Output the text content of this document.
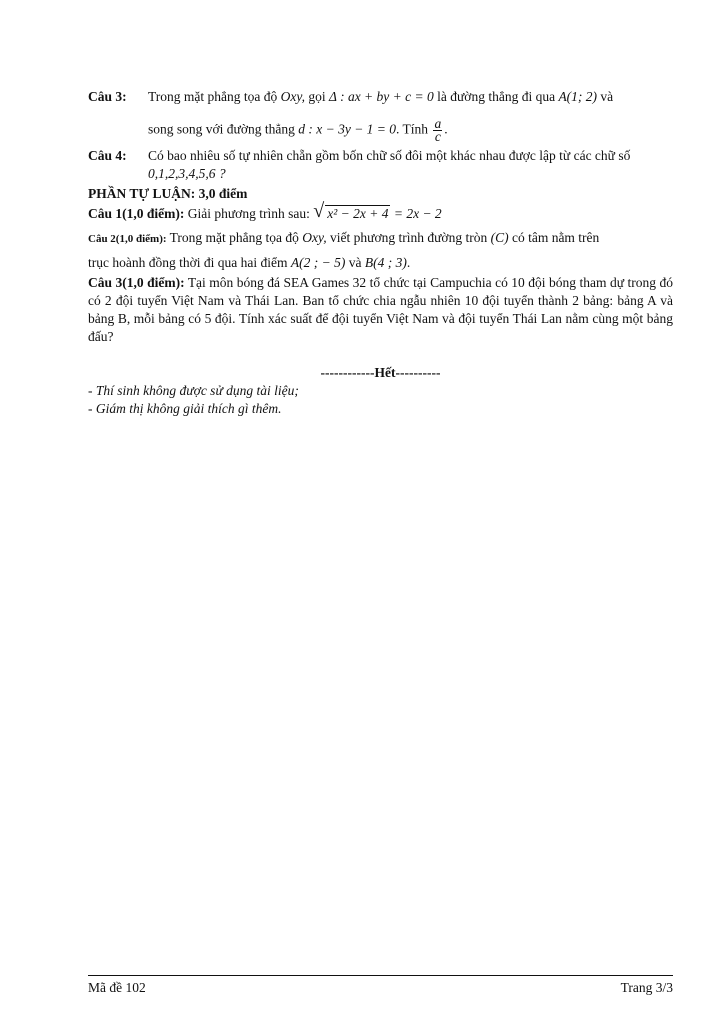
Câu 3: Trong mặt phẳng tọa độ Oxy, gọi Δ : ax + by + c = 0 là đường thẳng đi qua A(1; 2) và
song song với đường thẳng d : x − 3y − 1 = 0. Tính $\frac{a}{c}$ .
Câu 4: Có bao nhiêu số tự nhiên chẵn gồm bốn chữ số đôi một khác nhau được lập từ các chữ số
0,1,2,3,4,5,6 ?
PHẦN TỰ LUẬN: 3,0 điểm
Câu 1(1,0 điểm): Giải phương trình sau: √ x² − 2x + 4 = 2x − 2
Câu 2(1,0 điểm): Trong mặt phẳng tọa độ Oxy, viết phương trình đường tròn (C) có tâm nằm trên
trục hoành đồng thời đi qua hai điểm A(2 ; − 5) và B(4 ; 3).
Câu 3(1,0 điểm): Tại môn bóng đá SEA Games 32 tổ chức tại Campuchia có 10 đội bóng tham dự trong đó có 2 đội tuyển Việt Nam và Thái Lan. Ban tổ chức chia ngẫu nhiên 10 đội tuyển thành 2 bảng: bảng A và bảng B, mỗi bảng có 5 đội. Tính xác suất để đội tuyển Việt Nam và đội tuyển Thái Lan nằm cùng một bảng đấu?
------------Hết----------
- Thí sinh không được sử dụng tài liệu;
- Giám thị không giải thích gì thêm.
Mã đề 102	Trang 3/3
